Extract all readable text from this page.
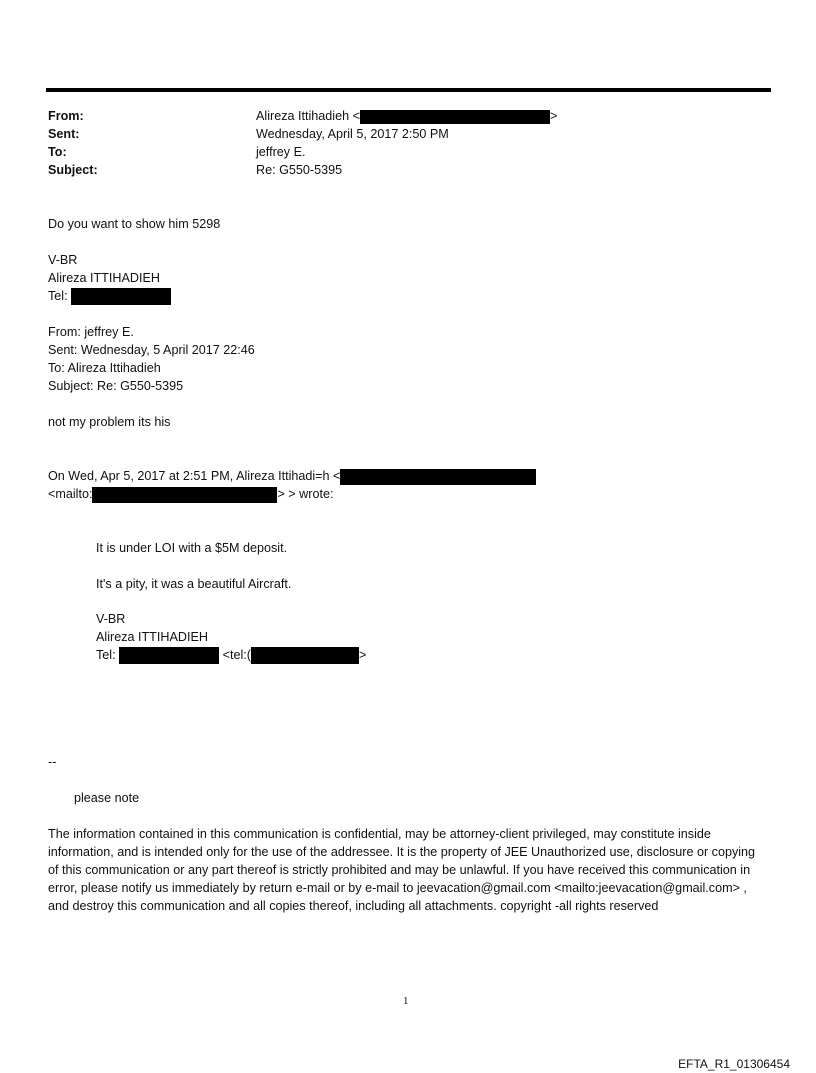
From:	Alireza Ittihadieh <	>
Sent:	Wednesday, April 5, 2017 2:50 PM
To:	jeffrey E.
Subject:	Re: G550-5395
Do you want to show him 5298
V-BR
Alireza ITTIHADIEH
Tel:
From: jeffrey E.
Sent: Wednesday, 5 April 2017 22:46
To: Alireza Ittihadieh
Subject: Re: G550-5395
not my problem its his
On Wed, Apr 5, 2017 at 2:51 PM, Alireza Ittihadi=h <
<mailto:	> > wrote:
It is under LOI with a $5M deposit.
It's a pity, it was a beautiful Aircraft.
V-BR
Alireza ITTIHADIEH
Tel:	<tel:(	>
--
please note
The information contained in this communication is confidential, may be attorney-client privileged, may constitute inside information, and is intended only for the use of the addressee. It is the property of JEE Unauthorized use, disclosure or copying of this communication or any part thereof is strictly prohibited and may be unlawful. If you have received this communication in error, please notify us immediately by return e-mail or by e-mail to jeevacation@gmail.com <mailto:jeevacation@gmail.com> , and destroy this communication and all copies thereof, including all attachments. copyright -all rights reserved
1
EFTA_R1_01306454
